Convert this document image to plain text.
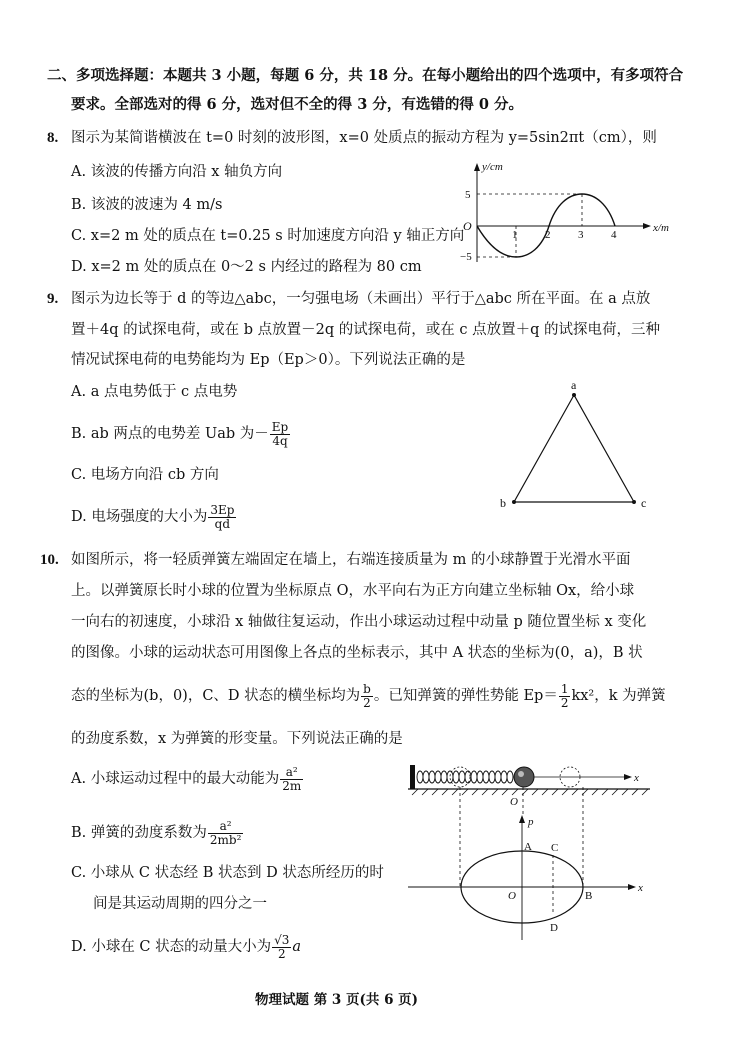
二、多项选择题：本题共 3 小题，每题 6 分，共 18 分。在每小题给出的四个选项中，有多项符合
要求。全部选对的得 6 分，选对但不全的得 3 分，有选错的得 0 分。
8. 图示为某简谐横波在 t=0 时刻的波形图，x=0 处质点的振动方程为 y=5sin2πt（cm），则
A. 该波的传播方向沿 x 轴负方向
B. 该波的波速为 4 m/s
C. x=2 m 处的质点在 t=0.25 s 时加速度方向沿 y 轴正方向
D. x=2 m 处的质点在 0～2 s 内经过的路程为 80 cm
y/cm
x/m
O
5
−5
1	2	3	4
9. 图示为边长等于 d 的等边△abc，一匀强电场（未画出）平行于△abc 所在平面。在 a 点放
置＋4q 的试探电荷，或在 b 点放置－2q 的试探电荷，或在 c 点放置＋q 的试探电荷，三种
情况试探电荷的电势能均为 Ep（Ep＞0）。下列说法正确的是
A. a 点电势低于 c 点电势
B. ab 两点的电势差 Uab 为－ $\frac{Ep}{4q}$
C. 电场方向沿 cb 方向
D. 电场强度的大小为 $\frac{3Ep}{qd}$
a
b	c
10. 如图所示，将一轻质弹簧左端固定在墙上，右端连接质量为 m 的小球静置于光滑水平面
上。以弹簧原长时小球的位置为坐标原点 O，水平向右为正方向建立坐标轴 Ox，给小球
一向右的初速度，小球沿 x 轴做往复运动，作出小球运动过程中动量 p 随位置坐标 x 变化
的图像。小球的运动状态可用图像上各点的坐标表示，其中 A 状态的坐标为(0，a)，B 状
态的坐标为(b，0)，C、D 状态的横坐标均为 $\frac{b}{2}$ 。已知弹簧的弹性势能 $Ep= \frac{1}{2} kx^2$，k 为弹簧
的劲度系数，x 为弹簧的形变量。下列说法正确的是
A. 小球运动过程中的最大动能为 $\frac{\text{a²}}{2m}$
B. 弹簧的劲度系数为 $\frac{\text{a²}}{\text{2mb²}}$
C. 小球从 C 状态经 B 状态到 D 状态所经历的时
间是其运动周期的四分之一
D. 小球在 C 状态的动量大小为 $\frac{√3}{2}$ a
x
O
p
x
A C
O	B
D
物理试题 第 3 页(共 6 页)
